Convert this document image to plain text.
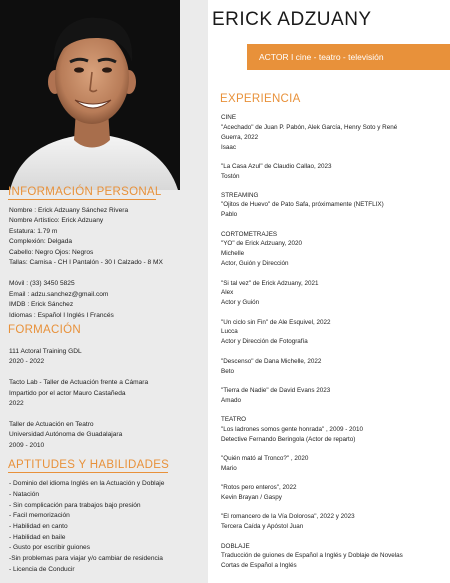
INFORMACIÓN PERSONAL
Nombre : Erick Adzuany Sánchez Rivera
Nombre Artístico: Erick Adzuany
Estatura: 1.79 m
Complexión: Delgada
Cabello: Negro Ojos: Negros
Tallas: Camisa - CH I Pantalón - 30 I Calzado - 8 MX
Móvil : (33) 3450 5825
Email : adzu.sanchez@gmail.com
IMDB : Erick Sánchez
Idiomas : Español I Inglés I Francés
FORMACIÓN
111 Actoral Training GDL
2020 - 2022
Tacto Lab - Taller de Actuación frente a Cámara
Impartido por el actor Mauro Castañeda
2022
Taller de Actuación en Teatro
Universidad Autónoma de Guadalajara
2009 - 2010
APTITUDES Y HABILIDADES
- Dominio del idioma Inglés en la Actuación y Doblaje
- Natación
- Sin complicación para trabajos bajo presión
- Facil memorización
- Habilidad en canto
- Habilidad en baile
- Gusto por escribir guiones
-Sin problemas para viajar y/o cambiar de residencia
- Licencia de Conducir
ERICK ADZUANY
ACTOR I cine - teatro - televisión
EXPERIENCIA
CINE
"Acechado" de Juan P. Pabón, Alek García, Henry Soto y René
Guerra, 2022
Isaac
"La Casa Azul" de Claudio Callao, 2023
Tostón
STREAMING
"Ojitos de Huevo" de Pato Safa, próximamente (NETFLIX)
Pablo
CORTOMETRAJES
"YO" de Erick Adzuany, 2020
Michelle
Actor, Guión y Dirección
"Si tal vez" de Erick Adzuany, 2021
Alex
Actor y Guión
"Un ciclo sin Fin" de Ale Esquivel, 2022
Lucca
Actor y Dirección de Fotografía
"Descenso" de Dana Michelle, 2022
Beto
"Tierra de Nadie" de David Evans 2023
Amado
TEATRO
"Los ladrones somos gente honrada" , 2009 - 2010
Detective Fernando Beringola (Actor de reparto)
"Quién mató al Tronco?" , 2020
Mario
"Rotos pero enteros", 2022
Kevin Brayan / Gaspy
"El romancero de la Vía Dolorosa", 2022 y 2023
Tercera Caída y Apóstol Juan
DOBLAJE
Traducción de guiones de Español a Inglés y Doblaje de Novelas
Cortas de Español a Inglés
